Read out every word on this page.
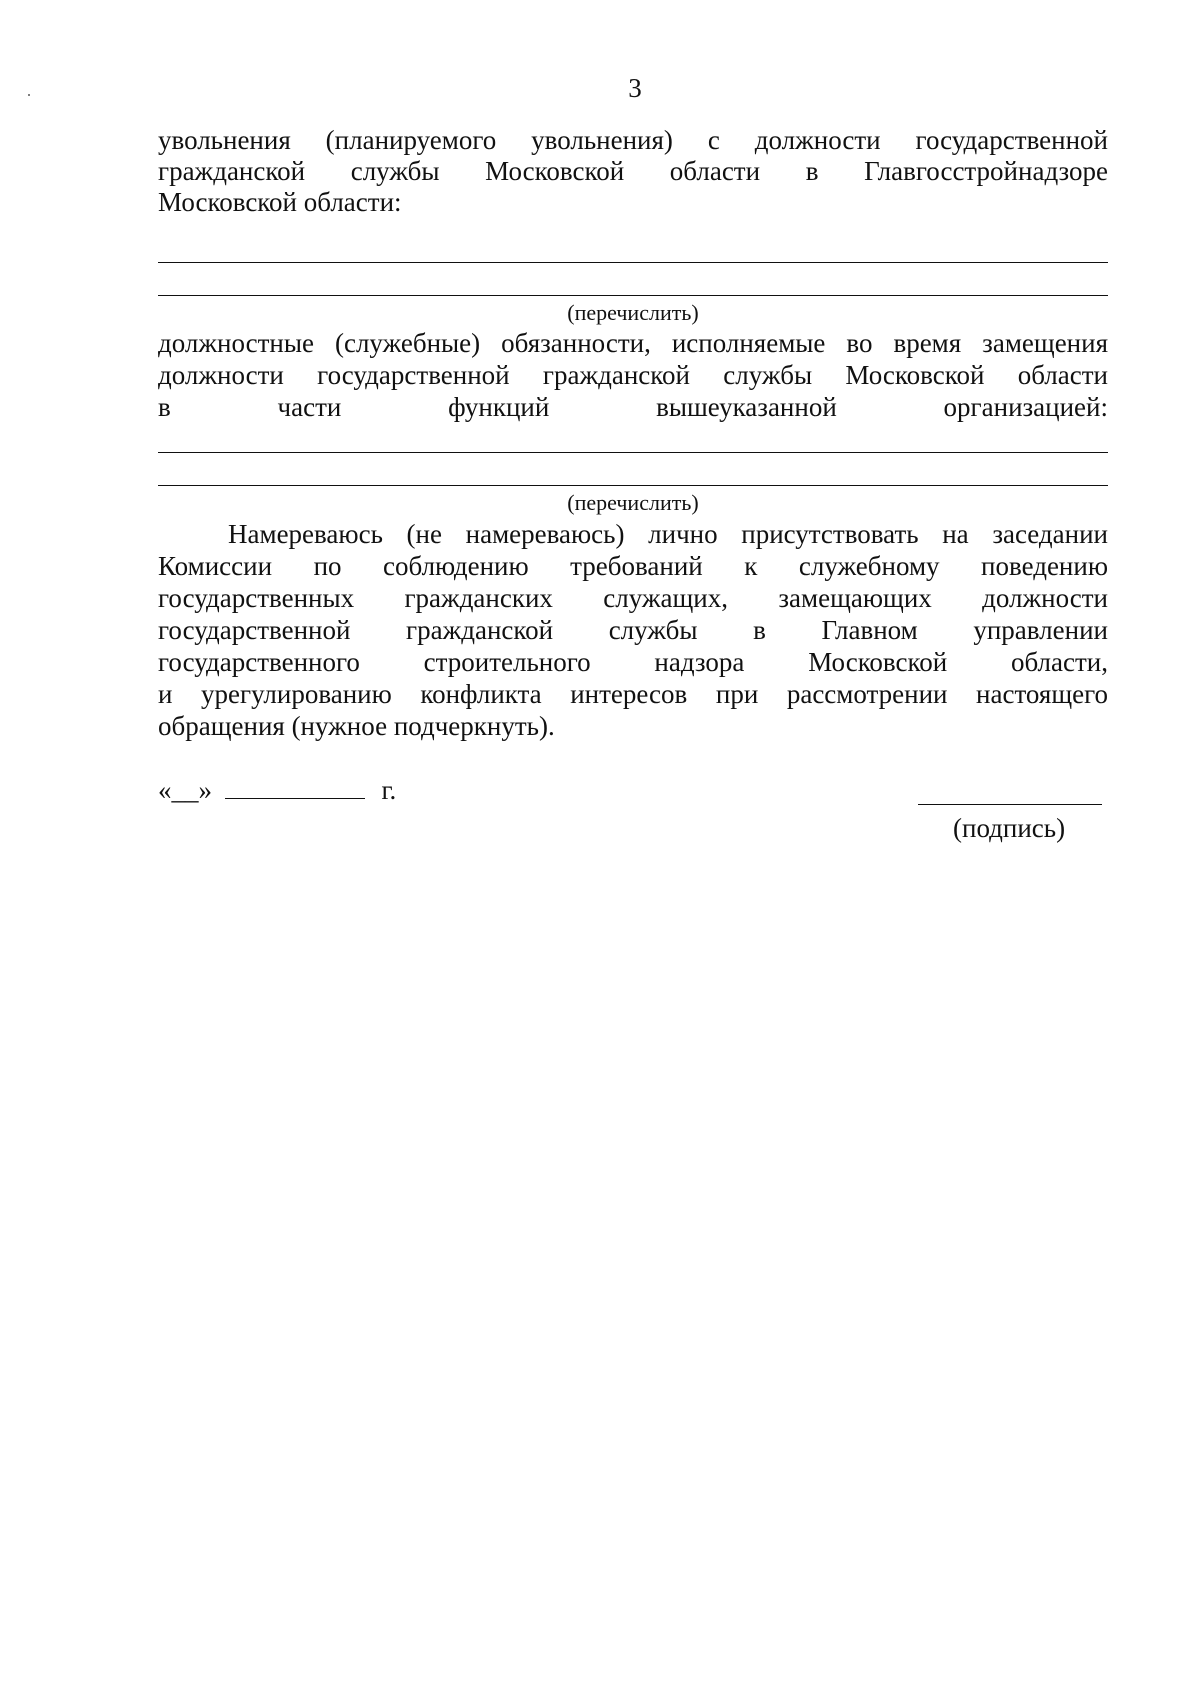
3
увольнения (планируемого увольнения) с должности государственной
гражданской службы Московской области в Главгосстройнадзоре
Московской области:
(перечислить)
должностные (служебные) обязанности, исполняемые во время замещения
должности государственной гражданской службы Московской области
в части функций вышеуказанной организацией:
(перечислить)
Намереваюсь (не намереваюсь) лично присутствовать на заседании
Комиссии по соблюдению требований к служебному поведению
государственных гражданских служащих, замещающих должности
государственной гражданской службы в Главном управлении
государственного строительного надзора Московской области,
и урегулированию конфликта интересов при рассмотрении настоящего
обращения (нужное подчеркнуть).
«__»	г.
(подпись)
